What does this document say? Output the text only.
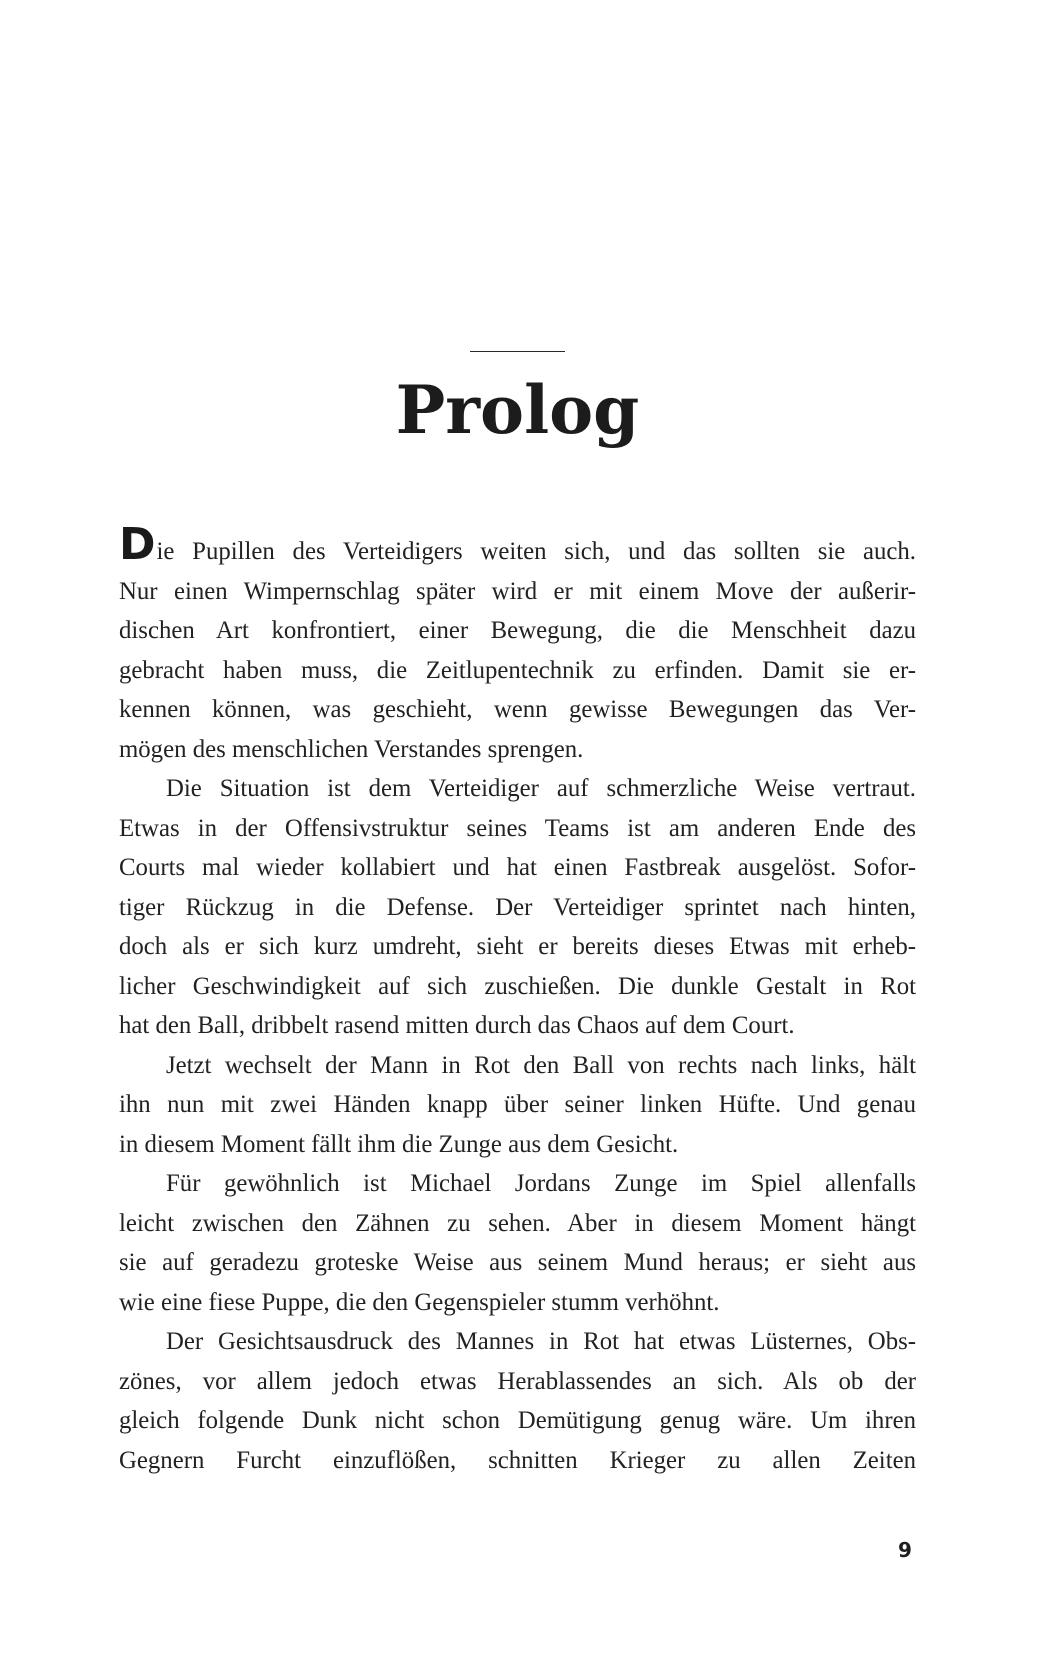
Prolog
Die Pupillen des Verteidigers weiten sich, und das sollten sie auch.
Nur einen Wimpernschlag später wird er mit einem Move der außerir-
dischen Art konfrontiert, einer Bewegung, die die Menschheit dazu
gebracht haben muss, die Zeitlupentechnik zu erfinden. Damit sie er-
kennen können, was geschieht, wenn gewisse Bewegungen das Ver-
mögen des menschlichen Verstandes sprengen.
Die Situation ist dem Verteidiger auf schmerzliche Weise vertraut.
Etwas in der Offensivstruktur seines Teams ist am anderen Ende des
Courts mal wieder kollabiert und hat einen Fastbreak ausgelöst. Sofor-
tiger Rückzug in die Defense. Der Verteidiger sprintet nach hinten,
doch als er sich kurz umdreht, sieht er bereits dieses Etwas mit erheb-
licher Geschwindigkeit auf sich zuschießen. Die dunkle Gestalt in Rot
hat den Ball, dribbelt rasend mitten durch das Chaos auf dem Court.
Jetzt wechselt der Mann in Rot den Ball von rechts nach links, hält
ihn nun mit zwei Händen knapp über seiner linken Hüfte. Und genau
in diesem Moment fällt ihm die Zunge aus dem Gesicht.
Für gewöhnlich ist Michael Jordans Zunge im Spiel allenfalls
leicht zwischen den Zähnen zu sehen. Aber in diesem Moment hängt
sie auf geradezu groteske Weise aus seinem Mund heraus; er sieht aus
wie eine fiese Puppe, die den Gegenspieler stumm verhöhnt.
Der Gesichtsausdruck des Mannes in Rot hat etwas Lüsternes, Obs-
zönes, vor allem jedoch etwas Herablassendes an sich. Als ob der
gleich folgende Dunk nicht schon Demütigung genug wäre. Um ihren
Gegnern Furcht einzuflößen, schnitten Krieger zu allen Zeiten
9
